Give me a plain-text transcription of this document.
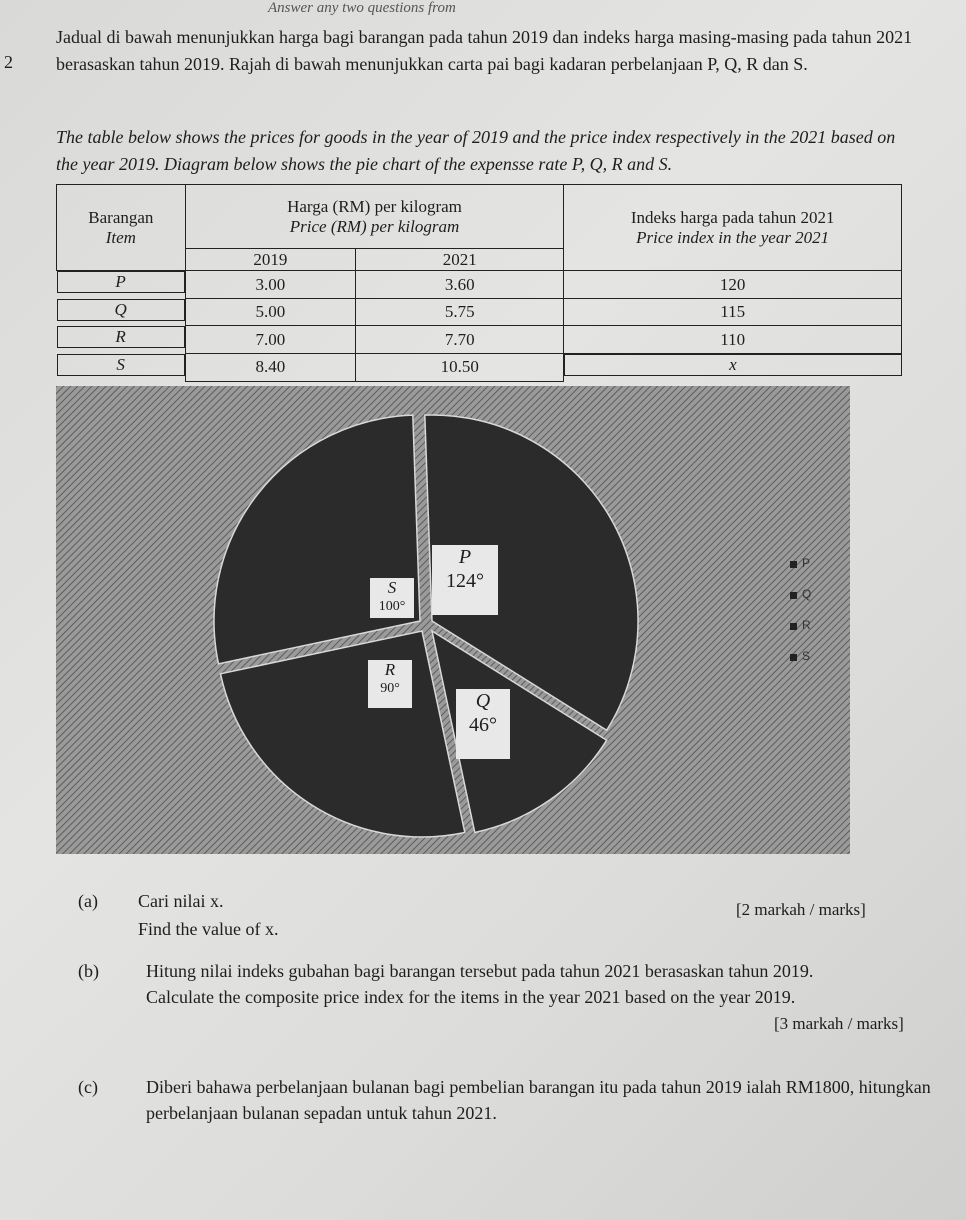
Answer any two questions from
2
Jadual di bawah menunjukkan harga bagi barangan pada tahun 2019 dan indeks harga masing-masing pada tahun 2021 berasaskan tahun 2019. Rajah di bawah menunjukkan carta pai bagi kadaran perbelanjaan P, Q, R dan S.
The table below shows the prices for goods in the year of 2019 and the price index respectively in the 2021 based on the year 2019. Diagram below shows the pie chart of the expensse rate P, Q, R and S.
Barangan
Item	Harga (RM) per kilogram
Price (RM) per kilogram		Indeks harga pada tahun 2021
Price index in the year 2021

	2019	2021	

P	3.00	3.60	120

Q	5.00	5.75	115

R	7.00	7.70	110

S	8.40	10.50		x
P
124°
Q
46°
R
90°
S
100°
P
Q
R
S
(a) Cari nilai x.
Find the value of x.
[2 markah / marks]
(b)	Hitung nilai indeks gubahan bagi barangan tersebut pada tahun 2021 berasaskan tahun 2019.
Calculate the composite price index for the items in the year 2021 based on the year 2019.
[3 markah / marks]
(c)	Diberi bahawa perbelanjaan bulanan bagi pembelian barangan itu pada tahun 2019 ialah RM1800, hitungkan perbelanjaan bulanan sepadan untuk tahun 2021.
